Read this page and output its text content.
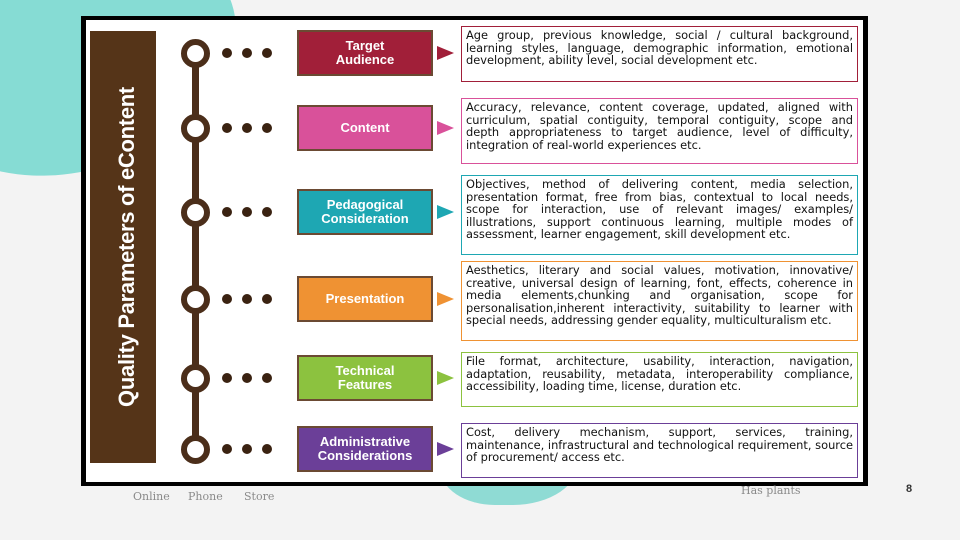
Quality Parameters of eContent
Target
Audience
Age group, previous knowledge, social / cultural background, learning styles, language, demographic information, emotional development, ability level, social development etc.
Content
Accuracy, relevance, content coverage, updated, aligned with curriculum, spatial contiguity, temporal contiguity, scope and depth appropriateness to target audience, level of difficulty, integration of real-world experiences etc.
Pedagogical
Consideration
Objectives, method of delivering content, media selection, presentation format, free from bias, contextual to local needs, scope for interaction, use of relevant images/ examples/ illustrations, support continuous learning, multiple modes of assessment, learner engagement, skill development etc.
Presentation
Aesthetics, literary and social values, motivation, innovative/ creative, universal design of learning, font, effects, coherence in media elements,chunking and organisation, scope for personalisation,inherent interactivity, suitability to learner with special needs, addressing gender equality, multiculturalism etc.
Technical
Features
File format, architecture, usability, interaction, navigation, adaptation, reusability, metadata, interoperability compliance, accessibility, loading time, license, duration etc.
Administrative
Considerations
Cost, delivery mechanism, support, services, training, maintenance, infrastructural and technological requirement, source of procurement/ access etc.
Online Phone Store	Has plants	8
